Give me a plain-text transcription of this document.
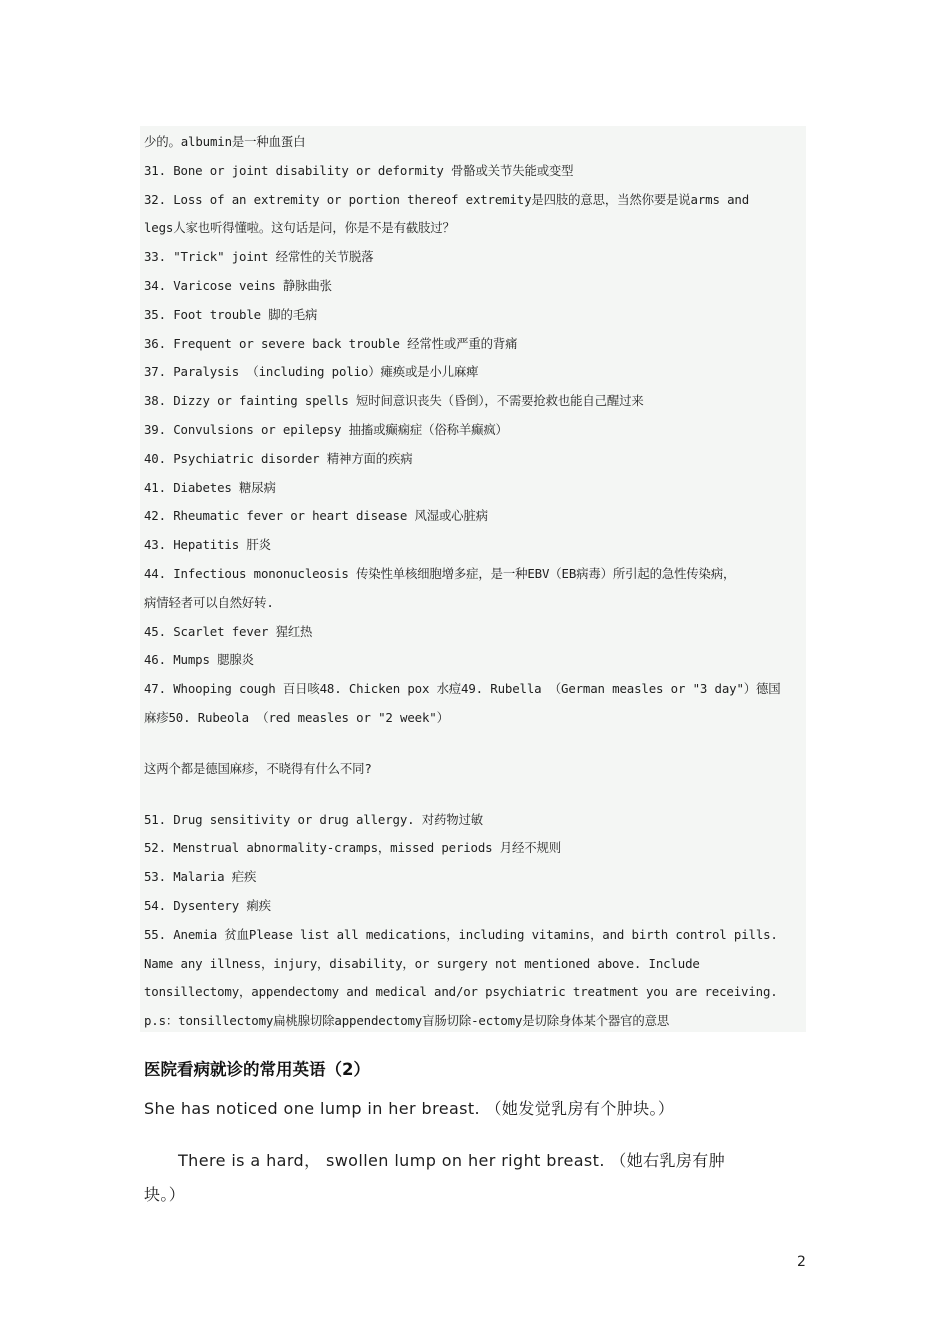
少的。albumin是一种血蛋白
31. Bone or joint disability or deformity 骨骼或关节失能或变型
32. Loss of an extremity or portion thereof extremity是四肢的意思，当然你要是说arms and
legs人家也听得懂啦。这句话是问，你是不是有截肢过？
33. "Trick" joint 经常性的关节脱落
34. Varicose veins 静脉曲张
35. Foot trouble 脚的毛病
36. Frequent or severe back trouble 经常性或严重的背痛
37. Paralysis （including polio）瘫痪或是小儿麻痺
38. Dizzy or fainting spells 短时间意识丧失（昏倒），不需要抢救也能自己醒过来
39. Convulsions or epilepsy 抽搐或癫痫症（俗称羊癫疯）
40. Psychiatric disorder 精神方面的疾病
41. Diabetes 糖尿病
42. Rheumatic fever or heart disease 风湿或心脏病
43. Hepatitis 肝炎
44. Infectious mononucleosis 传染性单核细胞增多症，是一种EBV（EB病毒）所引起的急性传染病，
病情轻者可以自然好转.
45. Scarlet fever 猩红热
46. Mumps 腮腺炎
47. Whooping cough 百日咳48. Chicken pox 水痘49. Rubella （German measles or "3 day"）德国
麻疹50. Rubeola （red measles or "2 week"）
这两个都是德国麻疹，不晓得有什么不同?
51. Drug sensitivity or drug allergy. 对药物过敏
52. Menstrual abnormality-cramps，missed periods 月经不规则
53. Malaria 疟疾
54. Dysentery 痢疾
55. Anemia 贫血Please list all medications，including vitamins，and birth control pills.
Name any illness，injury，disability，or surgery not mentioned above. Include
tonsillectomy，appendectomy and medical and/or psychiatric treatment you are receiving.
p.s：tonsillectomy扁桃腺切除appendectomy盲肠切除-ectomy是切除身体某个器官的意思
医院看病就诊的常用英语（2）
She has noticed one lump in her breast. （她发觉乳房有个肿块。）
There is a hard， swollen lump on her right breast. （她右乳房有肿
块。）
2
